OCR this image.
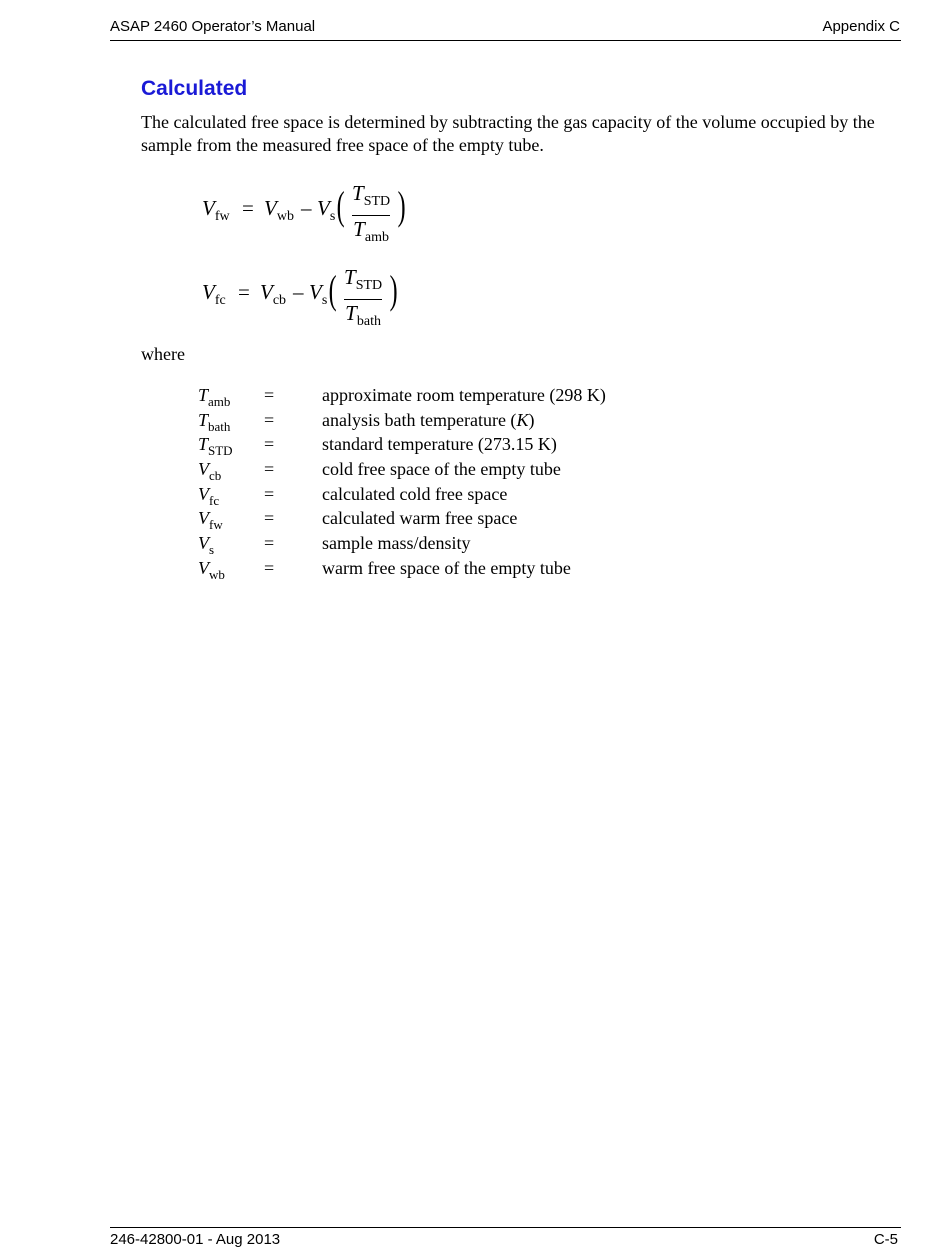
ASAP 2460 Operator’s Manual	Appendix C
Calculated
The calculated free space is determined by subtracting the gas capacity of the volume occupied by the sample from the measured free space of the empty tube.
$V_{fw} = V_{wb} - V_s$ ( $T_{STD}$
$T_{amb}$
)
$V_{fc} = V_{cb} - V_s$ ( $T_{STD}$
$T_{bath}$
)
where
$T_{amb}$ =	approximate room temperature (298 K)
$T_{bath}$ =	analysis bath temperature (K)
$T_{STD}$ =	standard temperature (273.15 K)
$V_{cb}$ =	cold free space of the empty tube
$V_{fc}$ =	calculated cold free space
$V_{fw}$ =	calculated warm free space
$V_s$	=	sample mass/density
$V_{wb}$ =	warm free space of the empty tube
246-42800-01 - Aug 2013	C-5
